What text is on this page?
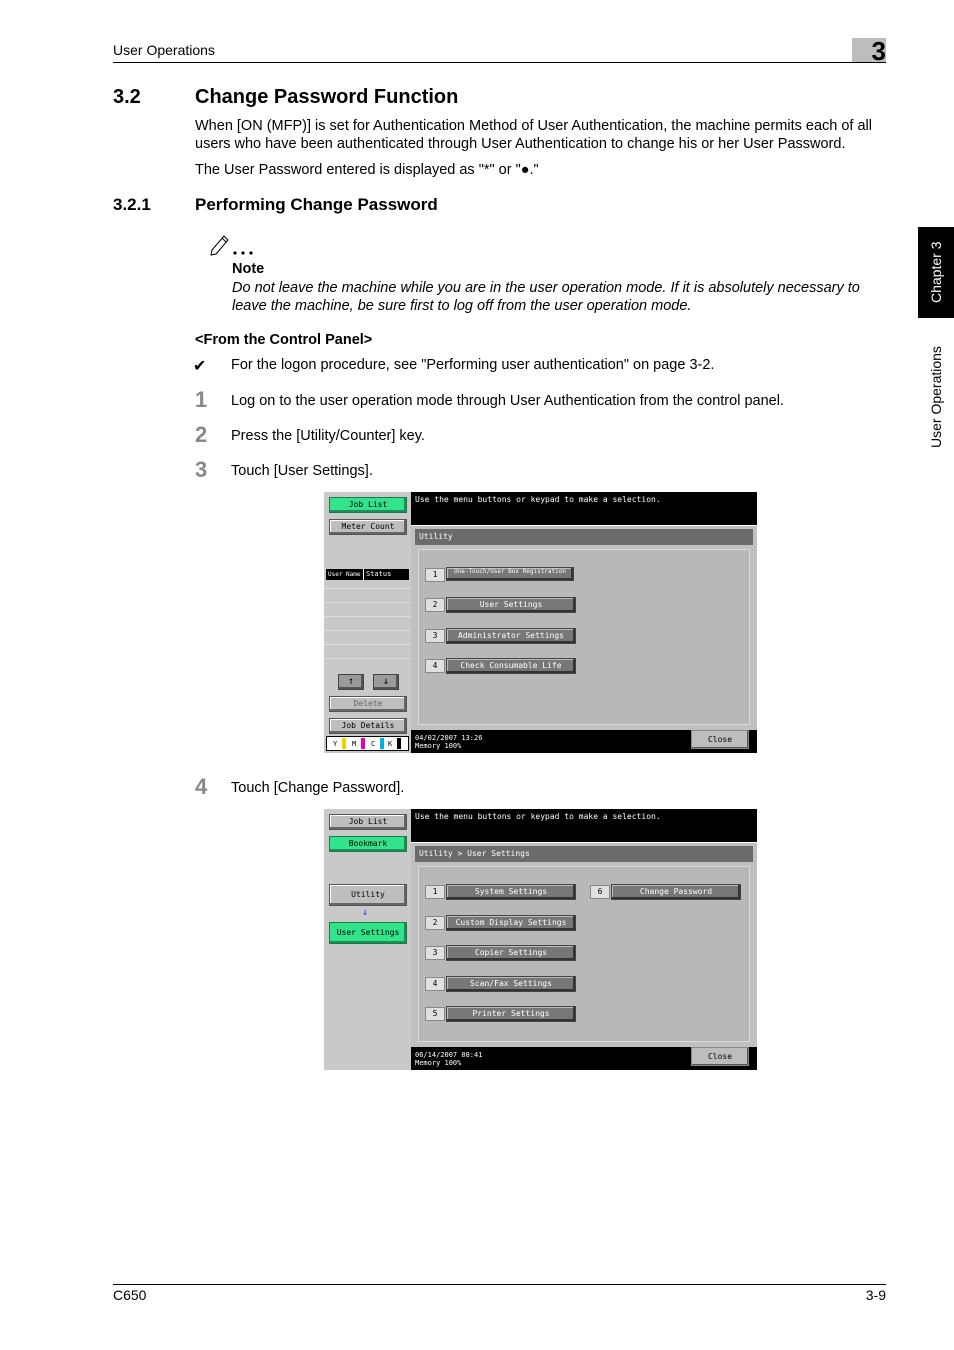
User Operations	3
Chapter 3
User Operations
3.2	Change Password Function

When [ON (MFP)] is set for Authentication Method of User Authentication, the machine permits each of all users who have been authenticated through User Authentication to change his or her User Password.

The User Password entered is displayed as "*" or "●."

3.2.1	Performing Change Password
Note

Do not leave the machine while you are in the user operation mode. If it is absolutely necessary to leave the machine, be sure first to log off from the user operation mode.

<From the Control Panel>
✔ For the logon procedure, see "Performing user authentication" on page 3-2.
1 Log on to the user operation mode through User Authentication from the control panel.
2 Press the [Utility/Counter] key.
3 Touch [User Settings].
Job List
Meter Count
User Name Status
↑	↓
Delete
Job Details
Y M C K
Use the menu buttons or keypad to make a selection.
Utility
1	One-Touch/User Box Registration
2	User Settings
3	Administrator Settings
4	Check Consumable Life
04/02/2007 13:26
Memory 100%
Close
4 Touch [Change Password].
Job List
Bookmark
Utility
↓
User Settings
Use the menu buttons or keypad to make a selection.
Utility > User Settings
1	System Settings
2	Custom Display Settings
3	Copier Settings
4	Scan/Fax Settings
5	Printer Settings
6	Change Password
06/14/2007 08:41
Memory 100%
Close
C650	3-9
